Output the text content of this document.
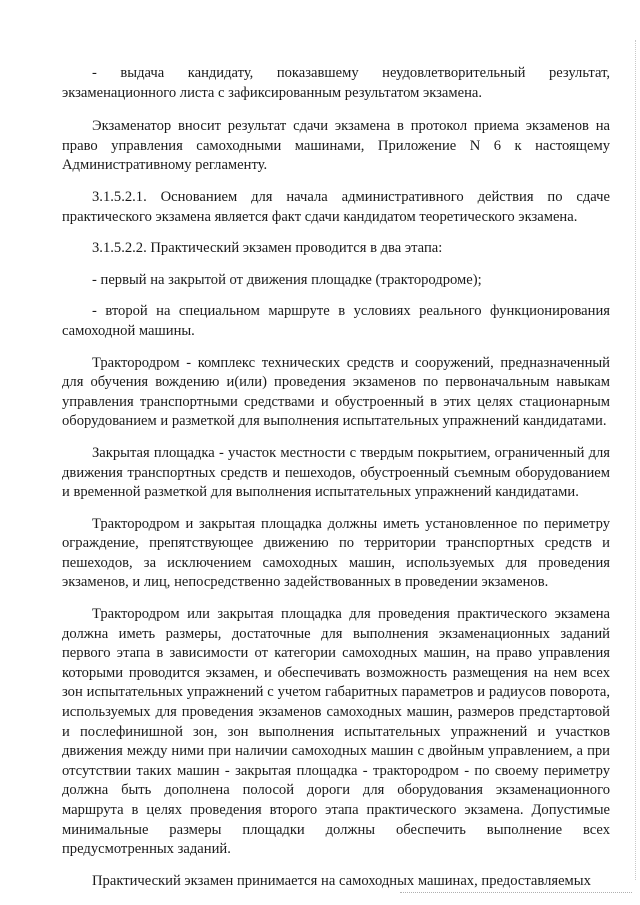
- выдача кандидату, показавшему неудовлетворительный результат, экзаменационного листа с зафиксированным результатом экзамена.

Экзаменатор вносит результат сдачи экзамена в протокол приема экзаменов на право управления самоходными машинами, Приложение N 6 к настоящему Административному регламенту.

3.1.5.2.1. Основанием для начала административного действия по сдаче практического экзамена является факт сдачи кандидатом теоретического экзамена.

3.1.5.2.2. Практический экзамен проводится в два этапа:

- первый на закрытой от движения площадке (трактородроме);

- второй на специальном маршруте в условиях реального функционирования самоходной машины.

Трактородром - комплекс технических средств и сооружений, предназначенный для обучения вождению и(или) проведения экзаменов по первоначальным навыкам управления транспортными средствами и обустроенный в этих целях стационарным оборудованием и разметкой для выполнения испытательных упражнений кандидатами.

Закрытая площадка - участок местности с твердым покрытием, ограниченный для движения транспортных средств и пешеходов, обустроенный съемным оборудованием и временной разметкой для выполнения испытательных упражнений кандидатами.

Трактородром и закрытая площадка должны иметь установленное по периметру ограждение, препятствующее движению по территории транспортных средств и пешеходов, за исключением самоходных машин, используемых для проведения экзаменов, и лиц, непосредственно задействованных в проведении экзаменов.

Трактородром или закрытая площадка для проведения практического экзамена должна иметь размеры, достаточные для выполнения экзаменационных заданий первого этапа в зависимости от категории самоходных машин, на право управления которыми проводится экзамен, и обеспечивать возможность размещения на нем всех зон испытательных упражнений с учетом габаритных параметров и радиусов поворота, используемых для проведения экзаменов самоходных машин, размеров предстартовой и послефинишной зон, зон выполнения испытательных упражнений и участков движения между ними при наличии самоходных машин с двойным управлением, а при отсутствии таких машин - закрытая площадка - трактородром - по своему периметру должна быть дополнена полосой дороги для оборудования экзаменационного маршрута в целях проведения второго этапа практического экзамена. Допустимые минимальные размеры площадки должны обеспечить выполнение всех предусмотренных заданий.

Практический экзамен принимается на самоходных машинах, предоставляемых
